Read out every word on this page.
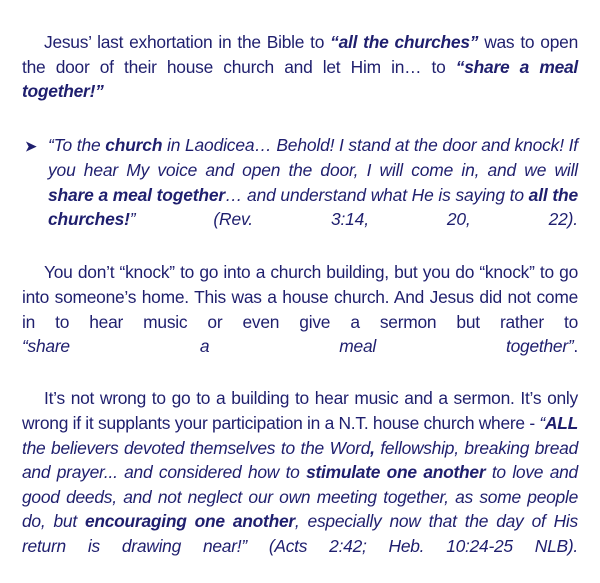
Jesus’ last exhortation in the Bible to “all the churches” was to open the door of their house church and let Him in… to “share a meal together!”

➤ “To the church in Laodicea… Behold! I stand at the door and knock! If you hear My voice and open the door, I will come in, and we will share a meal together… and understand what He is saying to all the churches!” (Rev. 3:14, 20, 22).

You don’t “knock” to go into a church building, but you do “knock” to go into someone’s home. This was a house church. And Jesus did not come in to hear music or even give a sermon but rather to “share a meal together”.

It’s not wrong to go to a building to hear music and a sermon. It’s only wrong if it supplants your participation in a N.T. house church where - “ALL the believers devoted themselves to the Word, fellowship, breaking bread and prayer... and considered how to stimulate one another to love and good deeds, and not neglect our own meeting together, as some people do, but encouraging one another, especially now that the day of His return is drawing near!” (Acts 2:42; Heb. 10:24-25 NLB).
